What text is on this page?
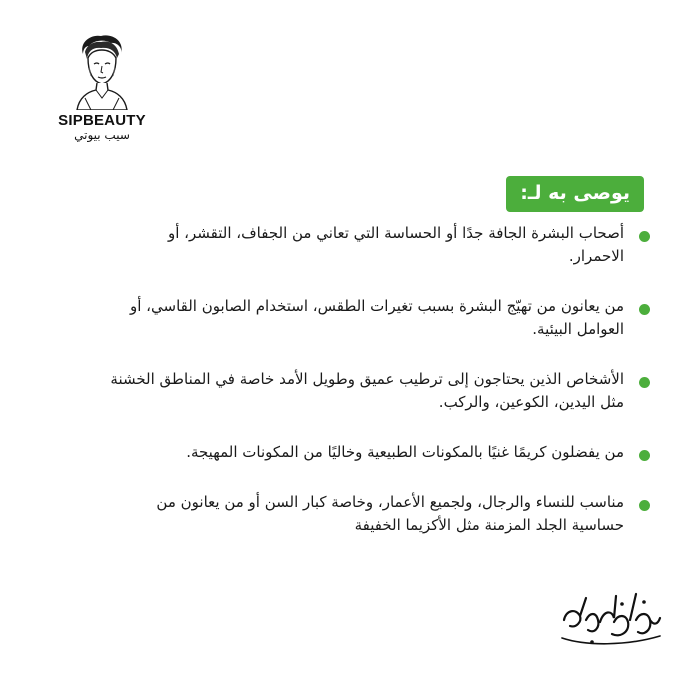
SIPBEAUTY
سيب بيوتي
يوصى به لـ:
أصحاب البشرة الجافة جدًا أو الحساسة التي تعاني من الجفاف، التقشر، أو الاحمرار.
من يعانون من تهيّج البشرة بسبب تغيرات الطقس، استخدام الصابون القاسي، أو العوامل البيئية.
الأشخاص الذين يحتاجون إلى ترطيب عميق وطويل الأمد خاصة في المناطق الخشنة مثل اليدين، الكوعين، والركب.
من يفضلون كريمًا غنيًا بالمكونات الطبيعية وخاليًا من المكونات المهيجة.
مناسب للنساء والرجال، ولجميع الأعمار، وخاصة كبار السن أو من يعانون من حساسية الجلد المزمنة مثل الأكزيما الخفيفة
